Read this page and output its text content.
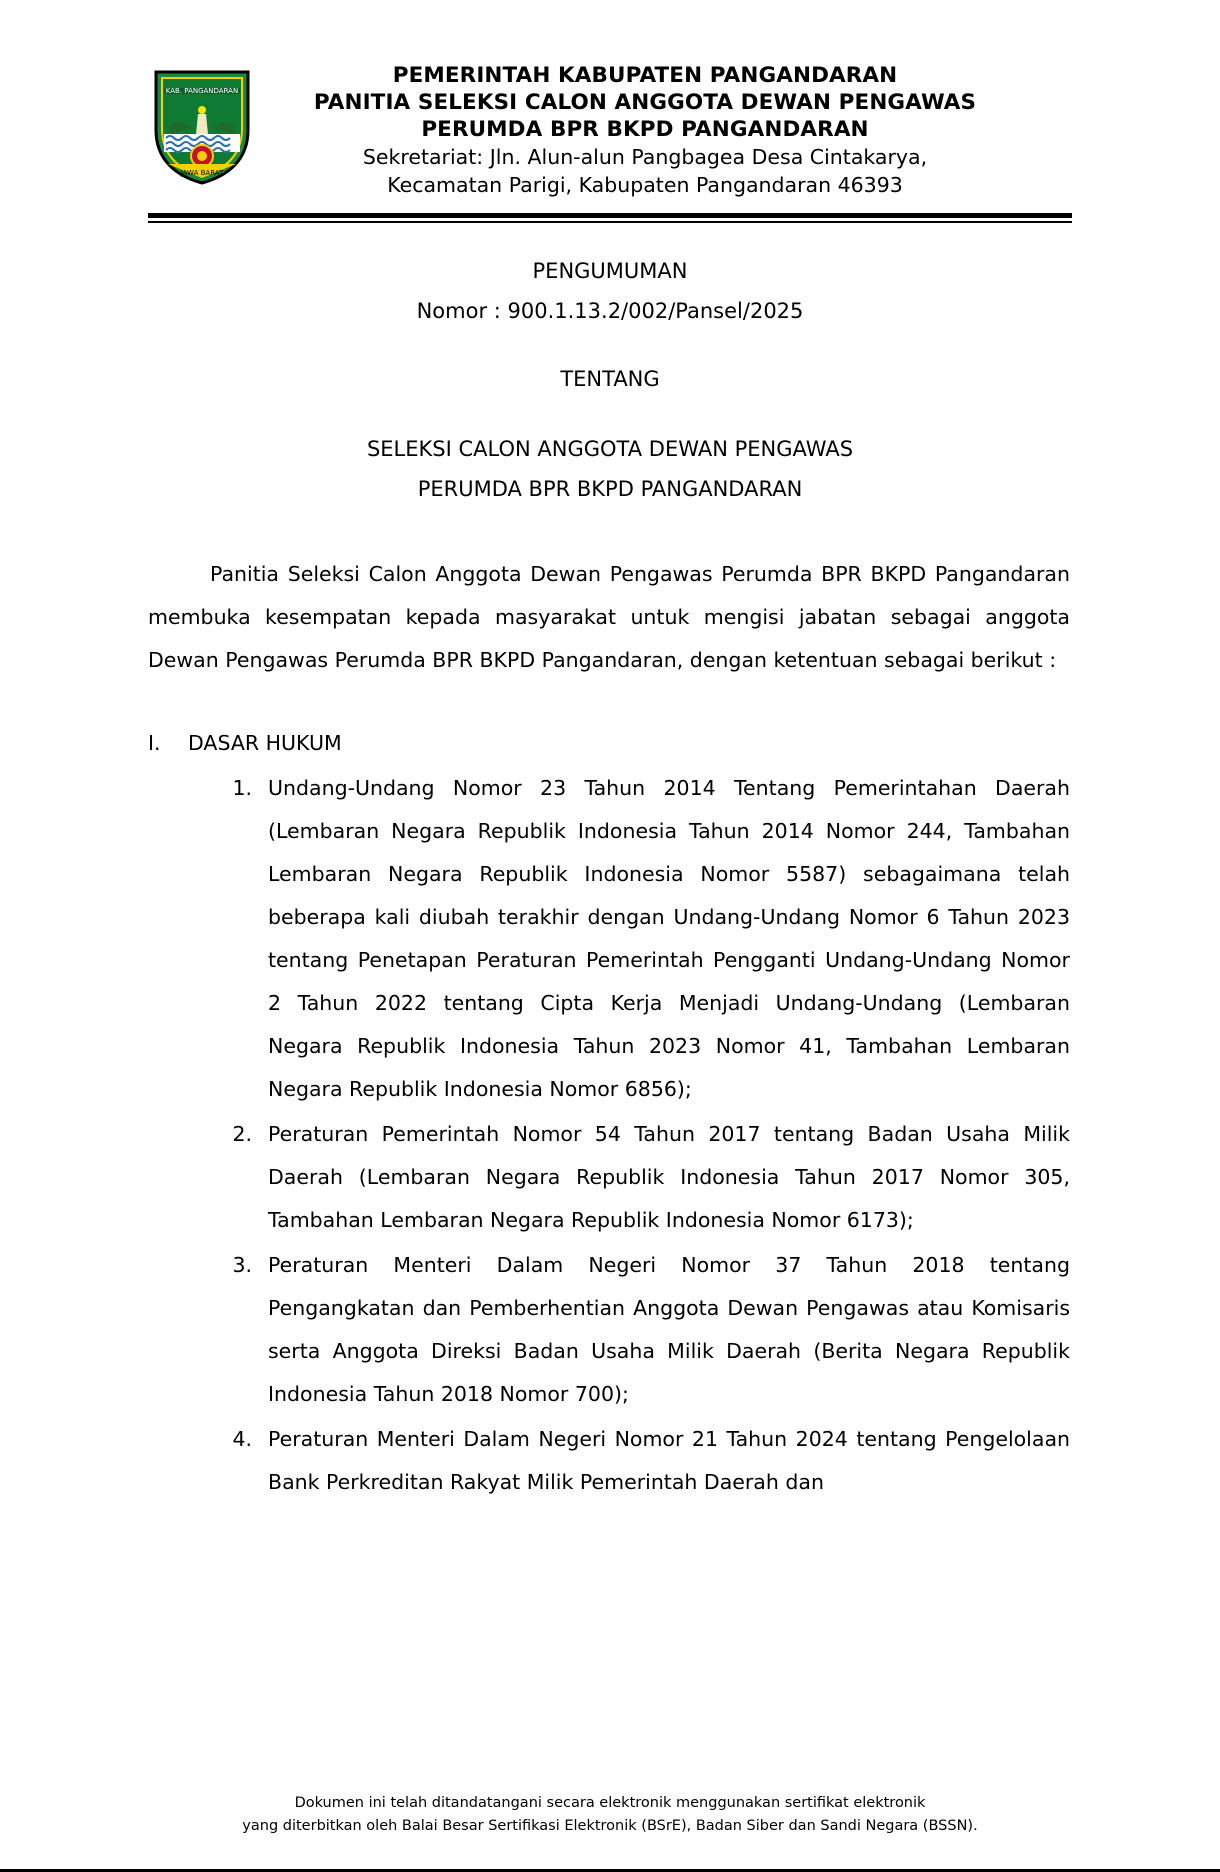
KAB. PANGANDARAN
JAWA BARAT
PEMERINTAH KABUPATEN PANGANDARAN
PANITIA SELEKSI CALON ANGGOTA DEWAN PENGAWAS
PERUMDA BPR BKPD PANGANDARAN
Sekretariat: Jln. Alun-alun Pangbagea Desa Cintakarya,
Kecamatan Parigi, Kabupaten Pangandaran 46393
PENGUMUMAN
Nomor : 900.1.13.2/002/Pansel/2025
TENTANG
SELEKSI CALON ANGGOTA DEWAN PENGAWAS
PERUMDA BPR BKPD PANGANDARAN

Panitia Seleksi Calon Anggota Dewan Pengawas Perumda BPR BKPD Pangandaran membuka kesempatan kepada masyarakat untuk mengisi jabatan sebagai anggota Dewan Pengawas Perumda BPR BKPD Pangandaran, dengan ketentuan sebagai berikut :

I.	DASAR HUKUM
1. Undang-Undang Nomor 23 Tahun 2014 Tentang Pemerintahan Daerah (Lembaran Negara Republik Indonesia Tahun 2014 Nomor 244, Tambahan Lembaran Negara Republik Indonesia Nomor 5587) sebagaimana telah beberapa kali diubah terakhir dengan Undang-Undang Nomor 6 Tahun 2023 tentang Penetapan Peraturan Pemerintah Pengganti Undang-Undang Nomor 2 Tahun 2022 tentang Cipta Kerja Menjadi Undang-Undang (Lembaran Negara Republik Indonesia Tahun 2023 Nomor 41, Tambahan Lembaran Negara Republik Indonesia Nomor 6856);
2. Peraturan Pemerintah Nomor 54 Tahun 2017 tentang Badan Usaha Milik Daerah (Lembaran Negara Republik Indonesia Tahun 2017 Nomor 305, Tambahan Lembaran Negara Republik Indonesia Nomor 6173);
3. Peraturan Menteri Dalam Negeri Nomor 37 Tahun 2018 tentang Pengangkatan dan Pemberhentian Anggota Dewan Pengawas atau Komisaris serta Anggota Direksi Badan Usaha Milik Daerah (Berita Negara Republik Indonesia Tahun 2018 Nomor 700);
4. Peraturan Menteri Dalam Negeri Nomor 21 Tahun 2024 tentang Pengelolaan Bank Perkreditan Rakyat Milik Pemerintah Daerah dan
Dokumen ini telah ditandatangani secara elektronik menggunakan sertifikat elektronik
yang diterbitkan oleh Balai Besar Sertifikasi Elektronik (BSrE), Badan Siber dan Sandi Negara (BSSN).
